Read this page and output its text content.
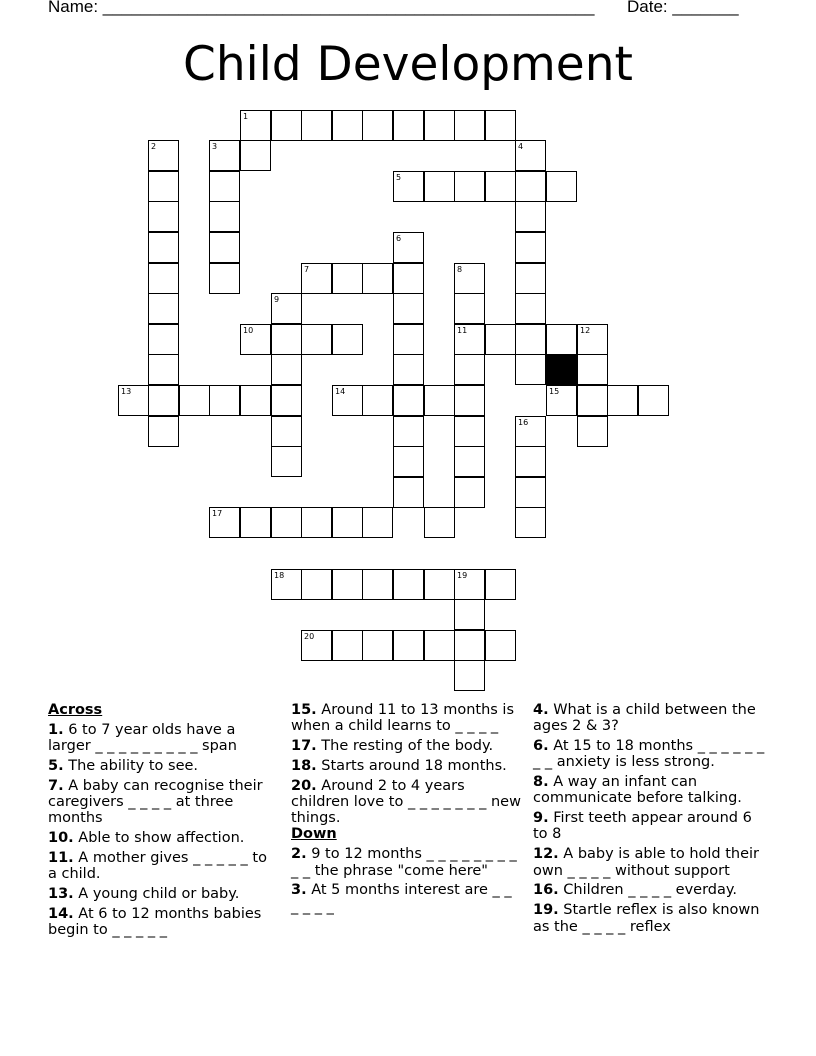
Name: ____________________________________________________ Date: _______
Child Development
1
2	3	4
5
6
7	8
9
10	11	12
13	14	15
16
17
18	19
20
Across
1. 6 to 7 year olds have a larger _ _ _ _ _ _ _ _ _ span
5. The ability to see.
7. A baby can recognise their caregivers _ _ _ _ at three months
10. Able to show affection.
11. A mother gives _ _ _ _ _ to a child.
13. A young child or baby.
14. At 6 to 12 months babies begin to _ _ _ _ _
15. Around 11 to 13 months is when a child learns to _ _ _ _
17. The resting of the body.
18. Starts around 18 months.
20. Around 2 to 4 years children love to _ _ _ _ _ _ _ new things.
Down
2. 9 to 12 months _ _ _ _ _ _ _ _ _ _ the phrase "come here"
3. At 5 months interest are _ _ _ _ _ _
4. What is a child between the ages 2 & 3?
6. At 15 to 18 months _ _ _ _ _ _ _ _ anxiety is less strong.
8. A way an infant can communicate before talking.
9. First teeth appear around 6 to 8
12. A baby is able to hold their own _ _ _ _ without support
16. Children _ _ _ _ everday.
19. Startle reflex is also known as the _ _ _ _ reflex
